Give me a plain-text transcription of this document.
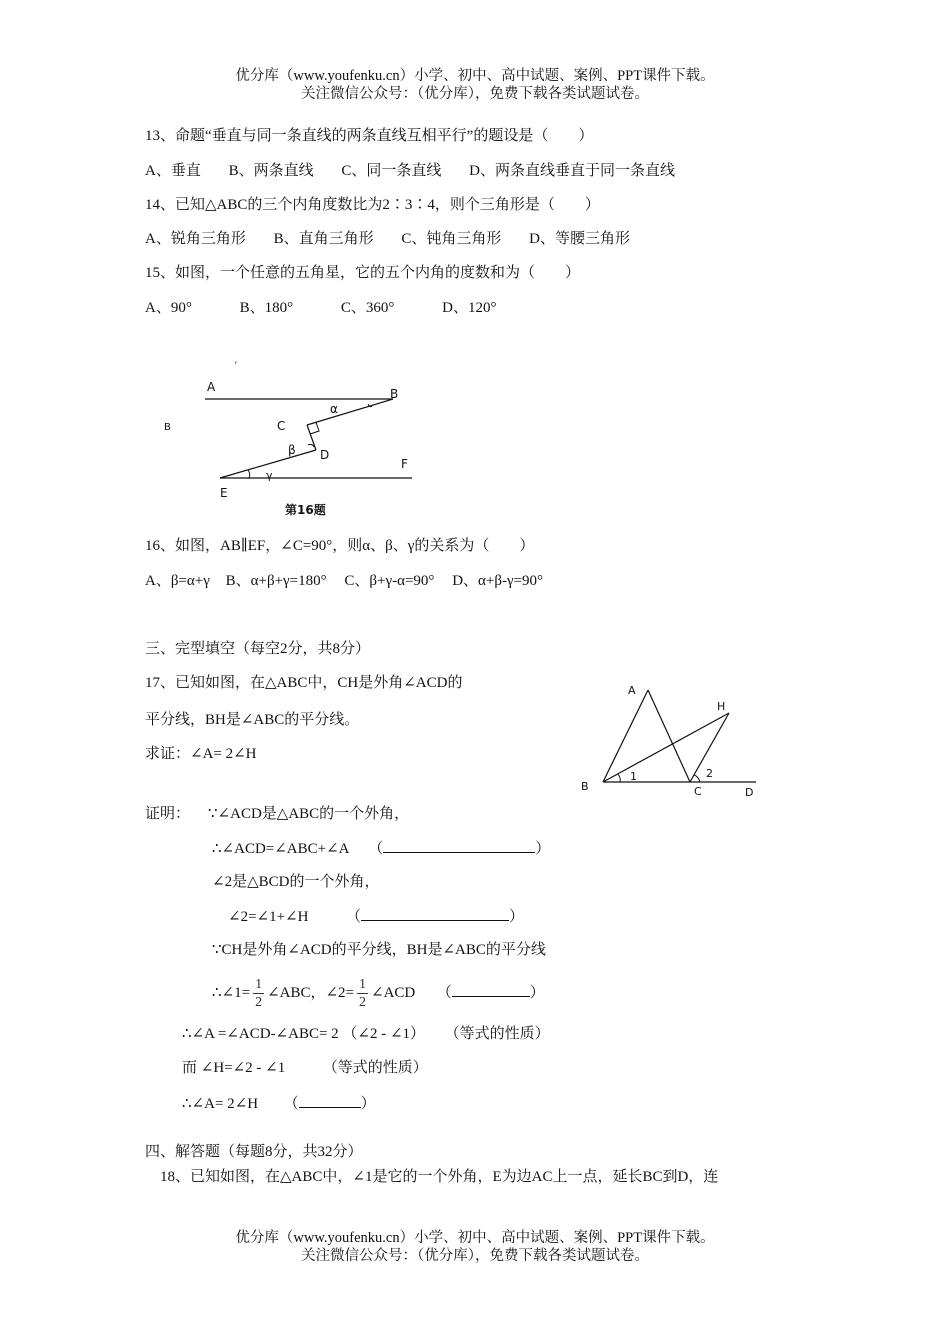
优分库（www.youfenku.cn）小学、初中、高中试题、案例、PPT课件下载。
关注微信公众号：（优分库），免费下载各类试题试卷。
13、命题“垂直与同一条直线的两条直线互相平行”的题设是（　　）
A、垂直 B、两条直线 C、同一条直线 D、两条直线垂直于同一条直线
14、已知△ABC的三个内角度数比为2∶3∶4，则个三角形是（　　）
A、锐角三角形 B、直角三角形 C、钝角三角形 D、等腰三角形
15、如图，一个任意的五角星，它的五个内角的度数和为（　　）
A、90°	B、180°	C、360°	D、120°
A	B
B	C
D
E
F
α
β
γ
第16题
16、如图，AB∥EF，∠C=90°，则α、β、γ的关系为（　　）
A、β=α+γ B、α+β+γ=180° C、β+γ-α=90° D、α+β-γ=90°
三、完型填空（每空2分，共8分）
17、已知如图，在△ABC中，CH是外角∠ACD的
平分线，BH是∠ABC的平分线。
求证：∠A= 2∠H
A
B	C	D
H
1	2
证明： ∵∠ACD是△ABC的一个外角，
∴∠ACD=∠ABC+∠A （	）
∠2是△BCD的一个外角，
∠2=∠1+∠H	（	）
∵CH是外角∠ACD的平分线，BH是∠ABC的平分线
∴∠1= $\frac{1}{2}$ ∠ABC，∠2= $\frac{1}{2}$ ∠ACD （	）
∴∠A =∠ACD-∠ABC= 2 （∠2 - ∠1） （等式的性质）
而 ∠H=∠2 - ∠1	（等式的性质）
∴∠A= 2∠H （	）
四、解答题（每题8分，共32分）
18、已知如图，在△ABC中，∠1是它的一个外角，E为边AC上一点，延长BC到D，连
优分库（www.youfenku.cn）小学、初中、高中试题、案例、PPT课件下载。
关注微信公众号：（优分库），免费下载各类试题试卷。
